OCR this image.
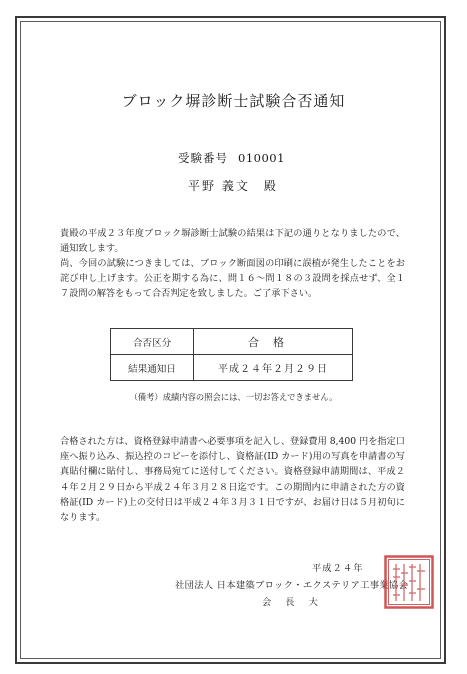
ブロック塀診断士試験合否通知
受験番号 010001
平野 義文　 殿

貴殿の平成２３年度ブロック塀診断士試験の結果は下記の通りとなりましたので、通知致します。

尚、今回の試験につきましては、ブロック断面図の印刷に誤植が発生したことをお詫び申し上げます。公正を期する為に、問１６〜問１８の３設問を採点せず、全１７設問の解答をもって合否判定を致しました。ご了承下さい。

合否区分	合格
結果通知日	平成２４年２月２９日
（備考）成績内容の照会には、一切お答えできません。

合格された方は、資格登録申請書へ必要事項を記入し、登録費用 8,400 円を指定口座へ振り込み、振込控のコピーを添付し、資格証(ID カード)用の写真を申請書の写真貼付欄に貼付し、事務局宛てに送付してください。資格登録申請期間は、平成２４年２月２９日から平成２４年３月２８日迄です。この期間内に申請された方の資格証(ID カード)上の交付日は平成２４年３月３１日ですが、お届け日は５月初旬になります。

平成２４年
社団法人 日本建築ブロック・エクステリア工事業協会
会長大
